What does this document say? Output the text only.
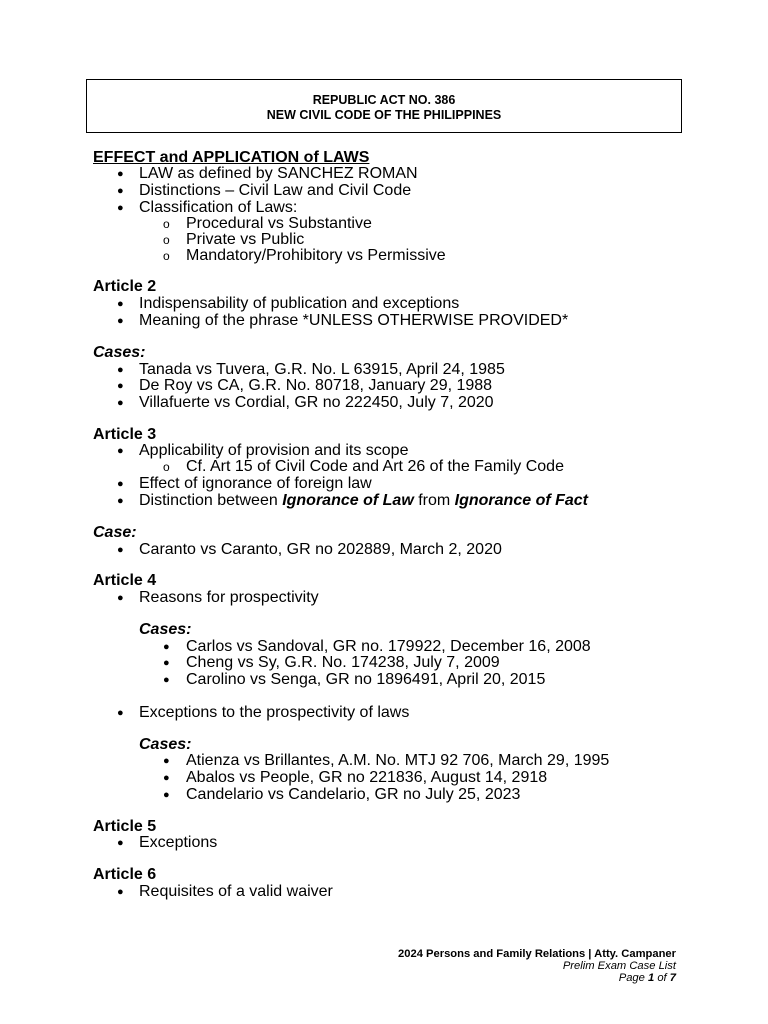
REPUBLIC ACT NO. 386
NEW CIVIL CODE OF THE PHILIPPINES
EFFECT and APPLICATION of LAWS
● LAW as defined by SANCHEZ ROMAN
● Distinctions – Civil Law and Civil Code
● Classification of Laws:
o Procedural vs Substantive
o Private vs Public
o Mandatory/Prohibitory vs Permissive
Article 2
● Indispensability of publication and exceptions
● Meaning of the phrase *UNLESS OTHERWISE PROVIDED*
Cases:
● Tanada vs Tuvera, G.R. No. L 63915, April 24, 1985
● De Roy vs CA, G.R. No. 80718, January 29, 1988
● Villafuerte vs Cordial, GR no 222450, July 7, 2020
Article 3
● Applicability of provision and its scope
o Cf. Art 15 of Civil Code and Art 26 of the Family Code
● Effect of ignorance of foreign law
● Distinction between Ignorance of Law from Ignorance of Fact
Case:
● Caranto vs Caranto, GR no 202889, March 2, 2020
Article 4
● Reasons for prospectivity
Cases:
● Carlos vs Sandoval, GR no. 179922, December 16, 2008
● Cheng vs Sy, G.R. No. 174238, July 7, 2009
● Carolino vs Senga, GR no 1896491, April 20, 2015
● Exceptions to the prospectivity of laws
Cases:
● Atienza vs Brillantes, A.M. No. MTJ 92 706, March 29, 1995
● Abalos vs People, GR no 221836, August 14, 2918
● Candelario vs Candelario, GR no July 25, 2023
Article 5
● Exceptions
Article 6
● Requisites of a valid waiver
2024 Persons and Family Relations | Atty. Campaner
Prelim Exam Case List
Page 1 of 7
